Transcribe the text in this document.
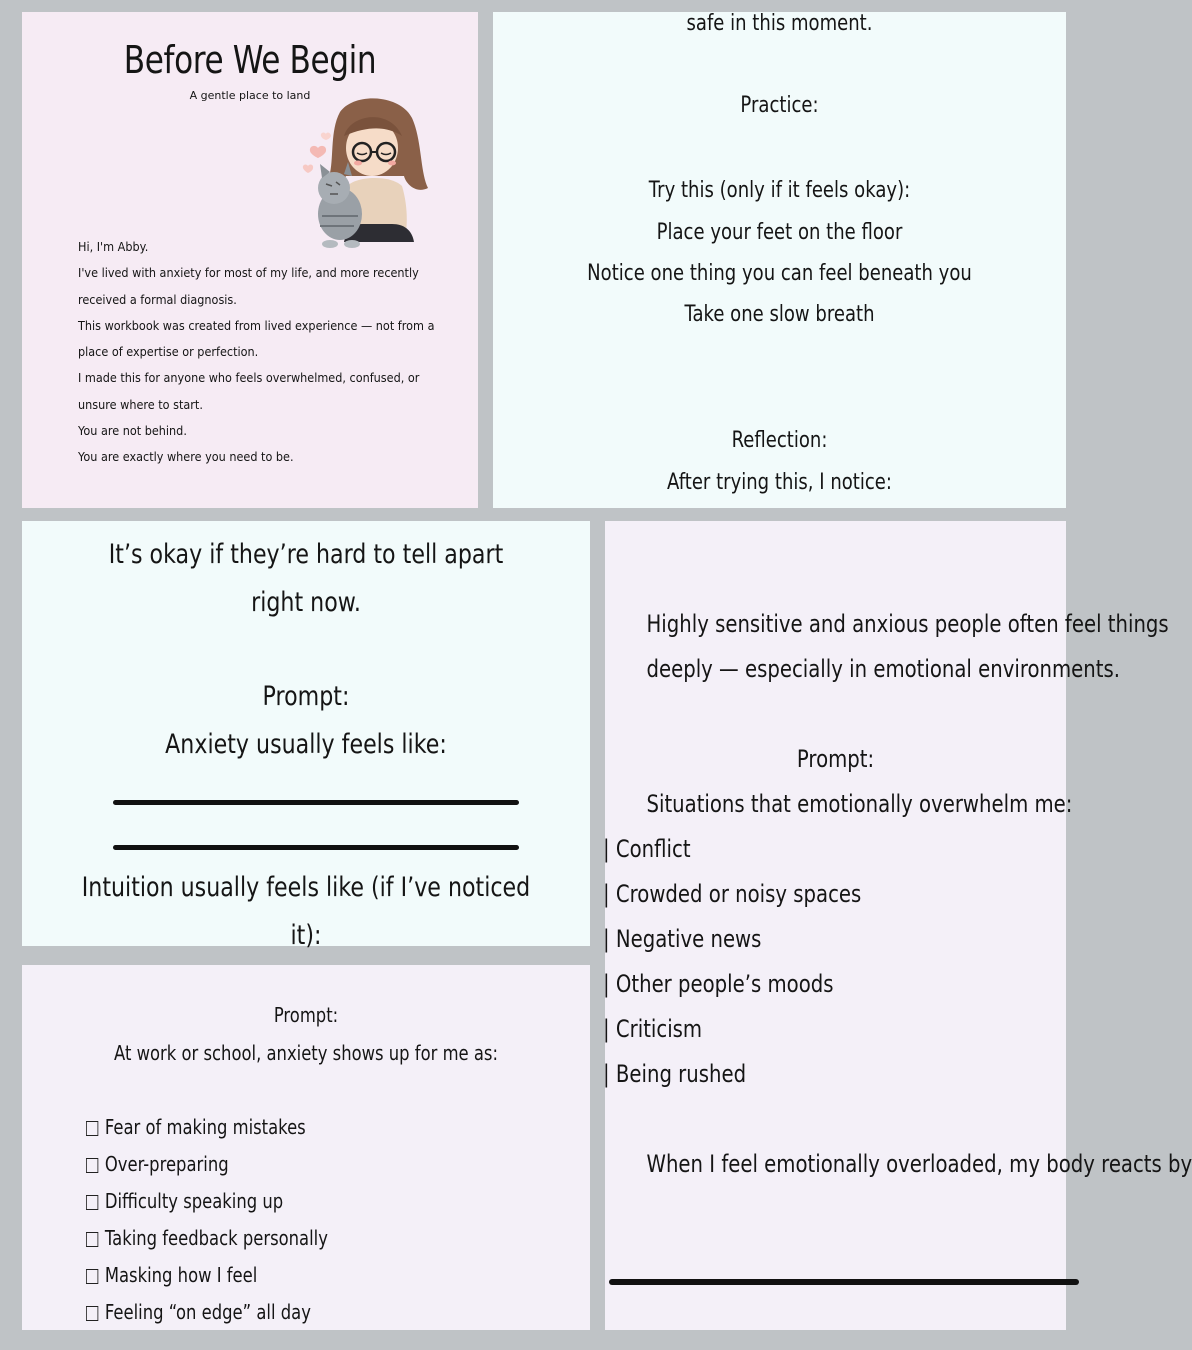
Before We Begin
A gentle place to land
Hi, I'm Abby.
I've lived with anxiety for most of my life, and more recently
received a formal diagnosis.
This workbook was created from lived experience — not from a
place of expertise or perfection.
I made this for anyone who feels overwhelmed, confused, or
unsure where to start.
You are not behind.
You are exactly where you need to be.
safe in this moment.
Practice:
Try this (only if it feels okay):
Place your feet on the floor
Notice one thing you can feel beneath you
Take one slow breath
Reflection:
After trying this, I notice:
It’s okay if they’re hard to tell apart
right now.
Prompt:
Anxiety usually feels like:
Intuition usually feels like (if I’ve noticed
it):
Highly sensitive and anxious people often feel things
deeply — especially in emotional environments.
Prompt:
Situations that emotionally overwhelm me:
| Conflict
| Crowded or noisy spaces
| Negative news
| Other people’s moods
| Criticism
| Being rushed
When I feel emotionally overloaded, my body reacts by
Prompt:
At work or school, anxiety shows up for me as:
Fear of making mistakes
Over-preparing
Difficulty speaking up
Taking feedback personally
Masking how I feel
Feeling “on edge” all day
